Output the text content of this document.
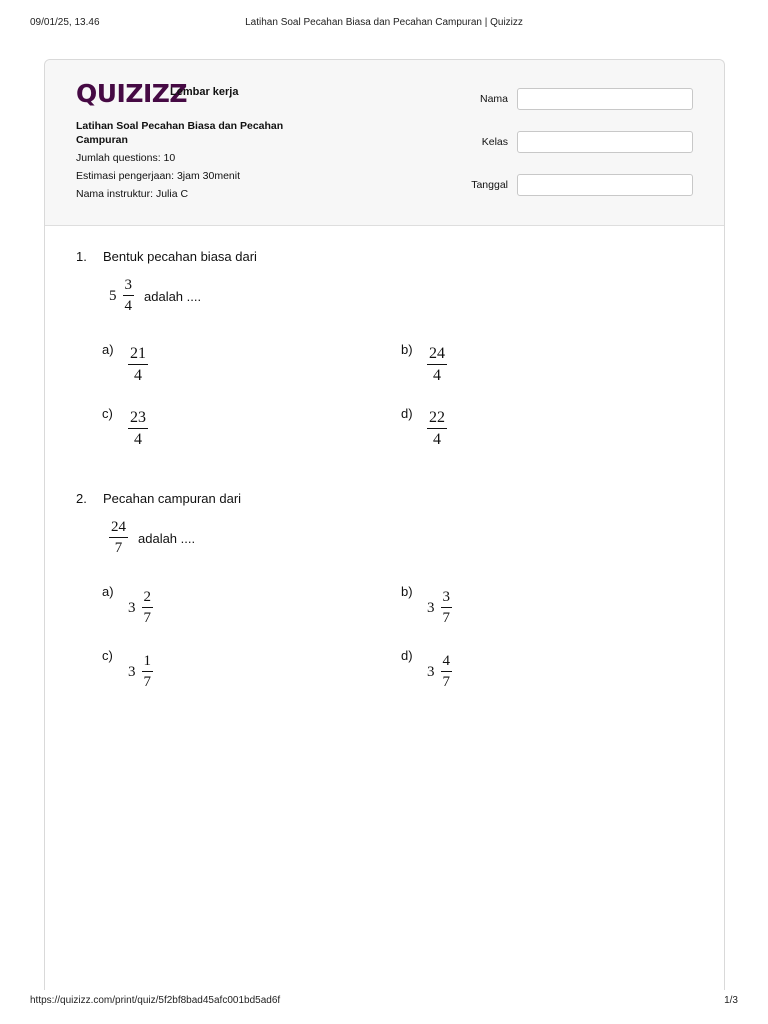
09/01/25, 13.46	Latihan Soal Pecahan Biasa dan Pecahan Campuran | Quizizz
QUIZIZZ
Lembar kerja
Latihan Soal Pecahan Biasa dan Pecahan Campuran
Jumlah questions: 10
Estimasi pengerjaan: 3jam 30menit
Nama instruktur: Julia C
Nama
Kelas
Tanggal
1. Bentuk pecahan biasa dari
$5 \frac{3}{4}$ adalah ....
$a) \frac{21}{4}$	$b) \frac{24}{4}$
$c) \frac{23}{4}$	$d) \frac{22}{4}$
2. Pecahan campuran dari
$\frac{24}{7}$ adalah ....
a)
$3 \frac{2}{7}$	b)
$3 \frac{3}{7}$
c)
$3 \frac{1}{7}$	d)
$3 \frac{4}{7}$
https://quizizz.com/print/quiz/5f2bf8bad45afc001bd5ad6f	1/3
